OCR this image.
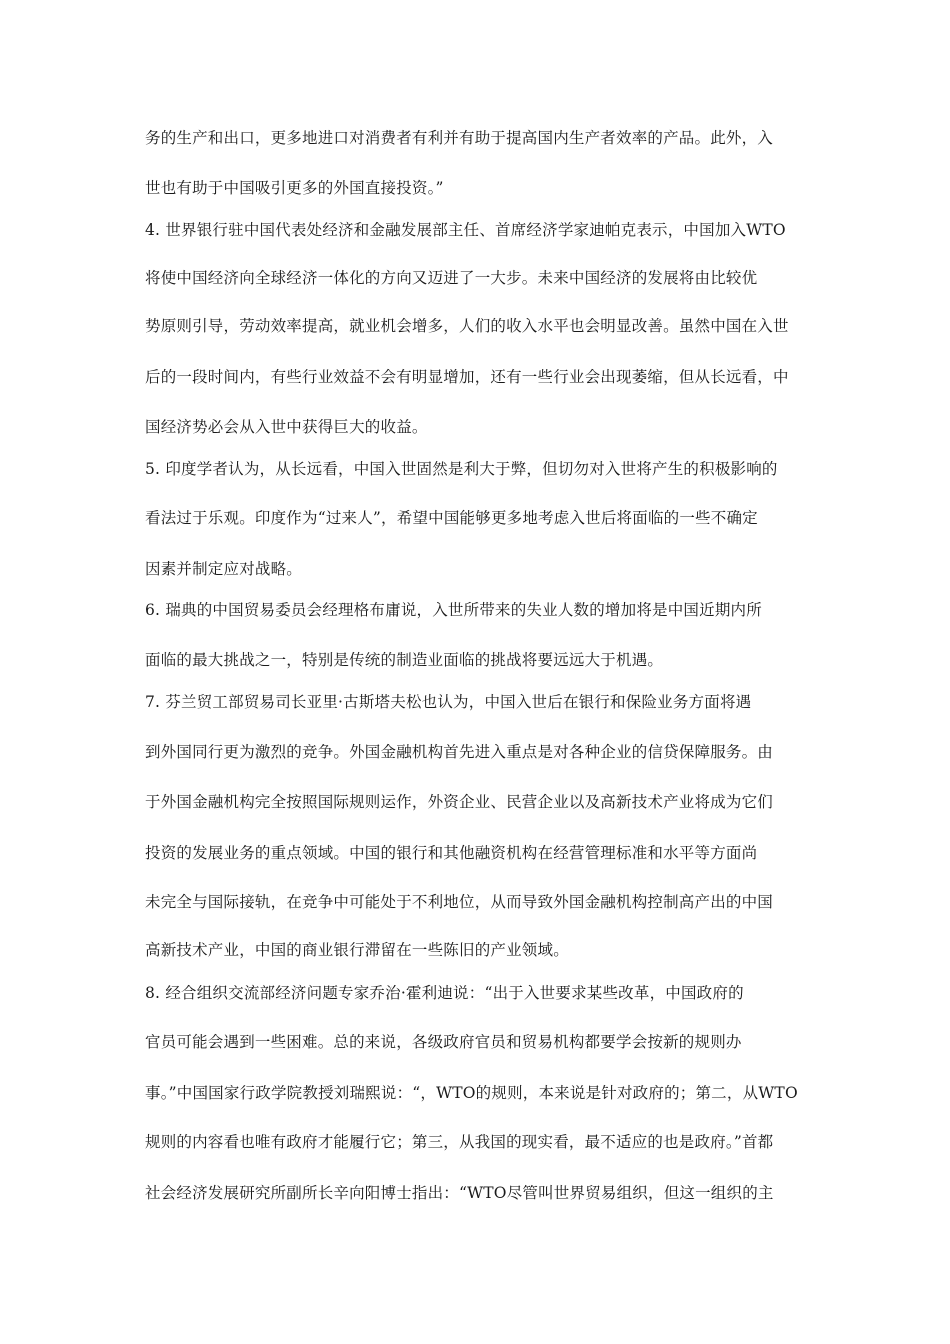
务的生产和出口，更多地进口对消费者有利并有助于提高国内生产者效率的产品。此外，入
世也有助于中国吸引更多的外国直接投资。”
4. 世界银行驻中国代表处经济和金融发展部主任、首席经济学家迪帕克表示，中国加入WTO
将使中国经济向全球经济一体化的方向又迈进了一大步。未来中国经济的发展将由比较优
势原则引导，劳动效率提高，就业机会增多，人们的收入水平也会明显改善。虽然中国在入世
后的一段时间内，有些行业效益不会有明显增加，还有一些行业会出现萎缩，但从长远看，中
国经济势必会从入世中获得巨大的收益。
5. 印度学者认为，从长远看，中国入世固然是利大于弊，但切勿对入世将产生的积极影响的
看法过于乐观。印度作为“过来人”，希望中国能够更多地考虑入世后将面临的一些不确定
因素并制定应对战略。
6. 瑞典的中国贸易委员会经理格布庸说，入世所带来的失业人数的增加将是中国近期内所
面临的最大挑战之一，特别是传统的制造业面临的挑战将要远远大于机遇。
7. 芬兰贸工部贸易司长亚里·古斯塔夫松也认为，中国入世后在银行和保险业务方面将遇
到外国同行更为激烈的竞争。外国金融机构首先进入重点是对各种企业的信贷保障服务。由
于外国金融机构完全按照国际规则运作，外资企业、民营企业以及高新技术产业将成为它们
投资的发展业务的重点领域。中国的银行和其他融资机构在经营管理标准和水平等方面尚
未完全与国际接轨，在竞争中可能处于不利地位，从而导致外国金融机构控制高产出的中国
高新技术产业，中国的商业银行滞留在一些陈旧的产业领域。
8. 经合组织交流部经济问题专家乔治·霍利迪说：“出于入世要求某些改革，中国政府的
官员可能会遇到一些困难。总的来说，各级政府官员和贸易机构都要学会按新的规则办
事。”中国国家行政学院教授刘瑞熙说：“，WTO的规则，本来说是针对政府的；第二，从WTO
规则的内容看也唯有政府才能履行它；第三，从我国的现实看，最不适应的也是政府。”首都
社会经济发展研究所副所长辛向阳博士指出：“WTO尽管叫世界贸易组织，但这一组织的主
